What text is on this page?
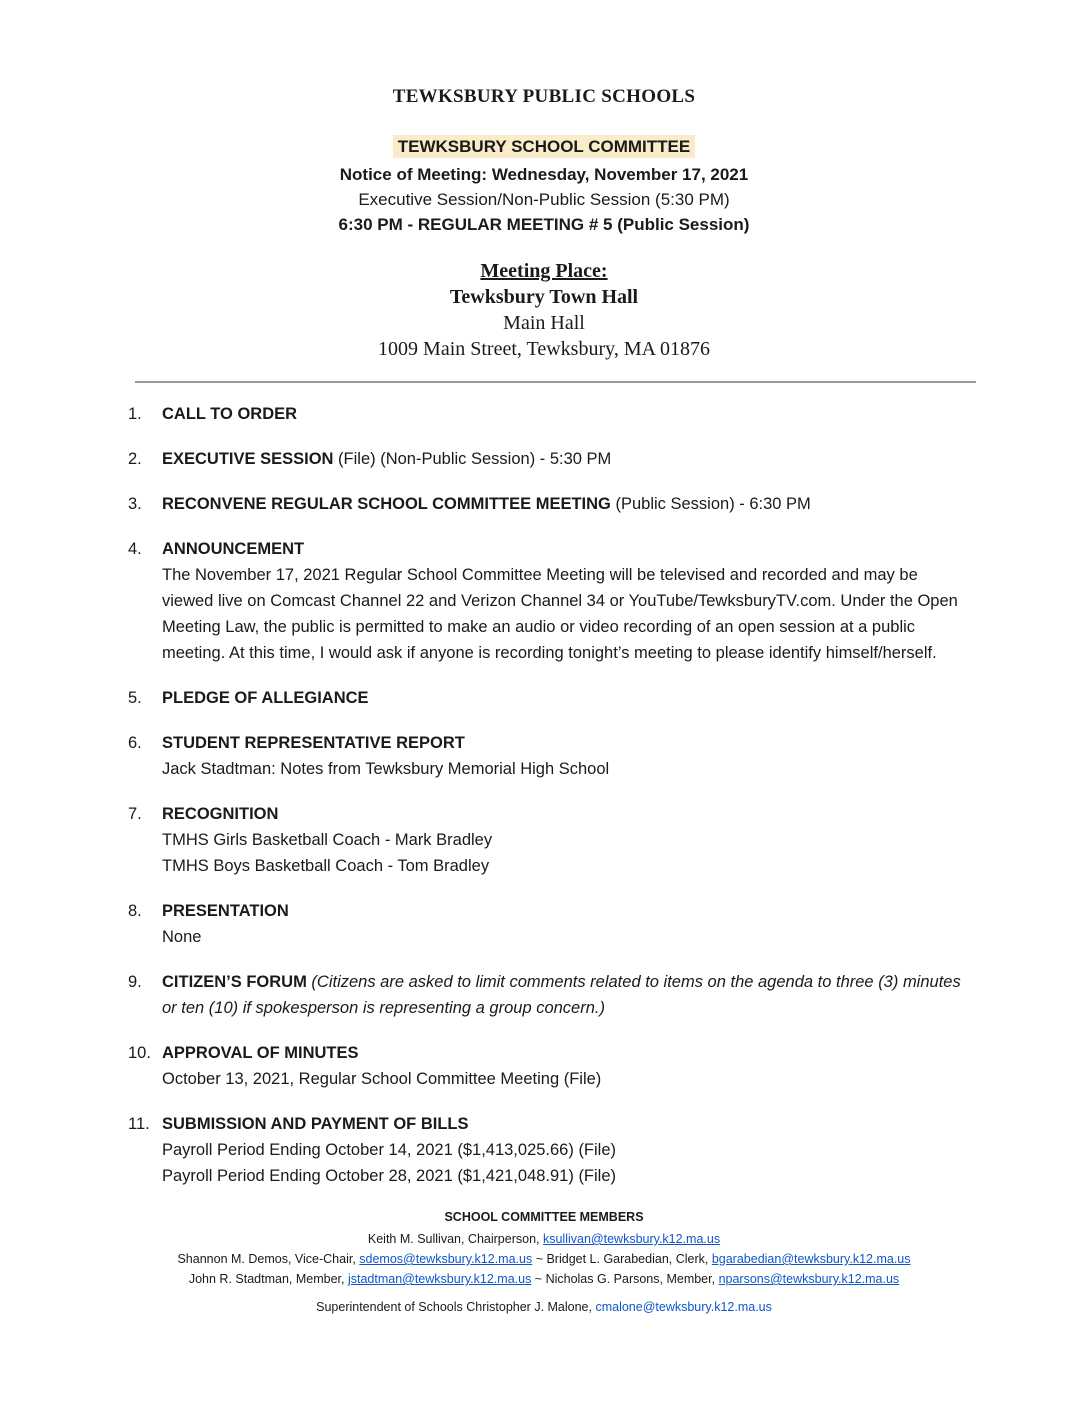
TEWKSBURY PUBLIC SCHOOLS
TEWKSBURY SCHOOL COMMITTEE
Notice of Meeting: Wednesday, November 17, 2021
Executive Session/Non-Public Session (5:30 PM)
6:30 PM - REGULAR MEETING # 5 (Public Session)
Meeting Place:
Tewksbury Town Hall
Main Hall
1009 Main Street, Tewksbury, MA 01876
1.	CALL TO ORDER
2.	EXECUTIVE SESSION (File) (Non-Public Session) - 5:30 PM
3.	RECONVENE REGULAR SCHOOL COMMITTEE MEETING (Public Session) - 6:30 PM
4.	ANNOUNCEMENT
The November 17, 2021 Regular School Committee Meeting will be televised and recorded and may be viewed live on Comcast Channel 22 and Verizon Channel 34 or YouTube/TewksburyTV.com. Under the Open Meeting Law, the public is permitted to make an audio or video recording of an open session at a public meeting. At this time, I would ask if anyone is recording tonight’s meeting to please identify himself/herself.
5.	PLEDGE OF ALLEGIANCE
6.	STUDENT REPRESENTATIVE REPORT
Jack Stadtman: Notes from Tewksbury Memorial High School
7.	RECOGNITION
TMHS Girls Basketball Coach - Mark Bradley
TMHS Boys Basketball Coach - Tom Bradley
8.	PRESENTATION
None
9.	CITIZEN’S FORUM (Citizens are asked to limit comments related to items on the agenda to three (3) minutes or ten (10) if spokesperson is representing a group concern.)
10. APPROVAL OF MINUTES
October 13, 2021, Regular School Committee Meeting (File)
11. SUBMISSION AND PAYMENT OF BILLS
Payroll Period Ending October 14, 2021 ($1,413,025.66) (File)
Payroll Period Ending October 28, 2021 ($1,421,048.91) (File)
SCHOOL COMMITTEE MEMBERS
Keith M. Sullivan, Chairperson, ksullivan@tewksbury.k12.ma.us
Shannon M. Demos, Vice-Chair, sdemos@tewksbury.k12.ma.us ~ Bridget L. Garabedian, Clerk, bgarabedian@tewksbury.k12.ma.us
John R. Stadtman, Member, jstadtman@tewksbury.k12.ma.us ~ Nicholas G. Parsons, Member, nparsons@tewksbury.k12.ma.us
Superintendent of Schools Christopher J. Malone, cmalone@tewksbury.k12.ma.us
